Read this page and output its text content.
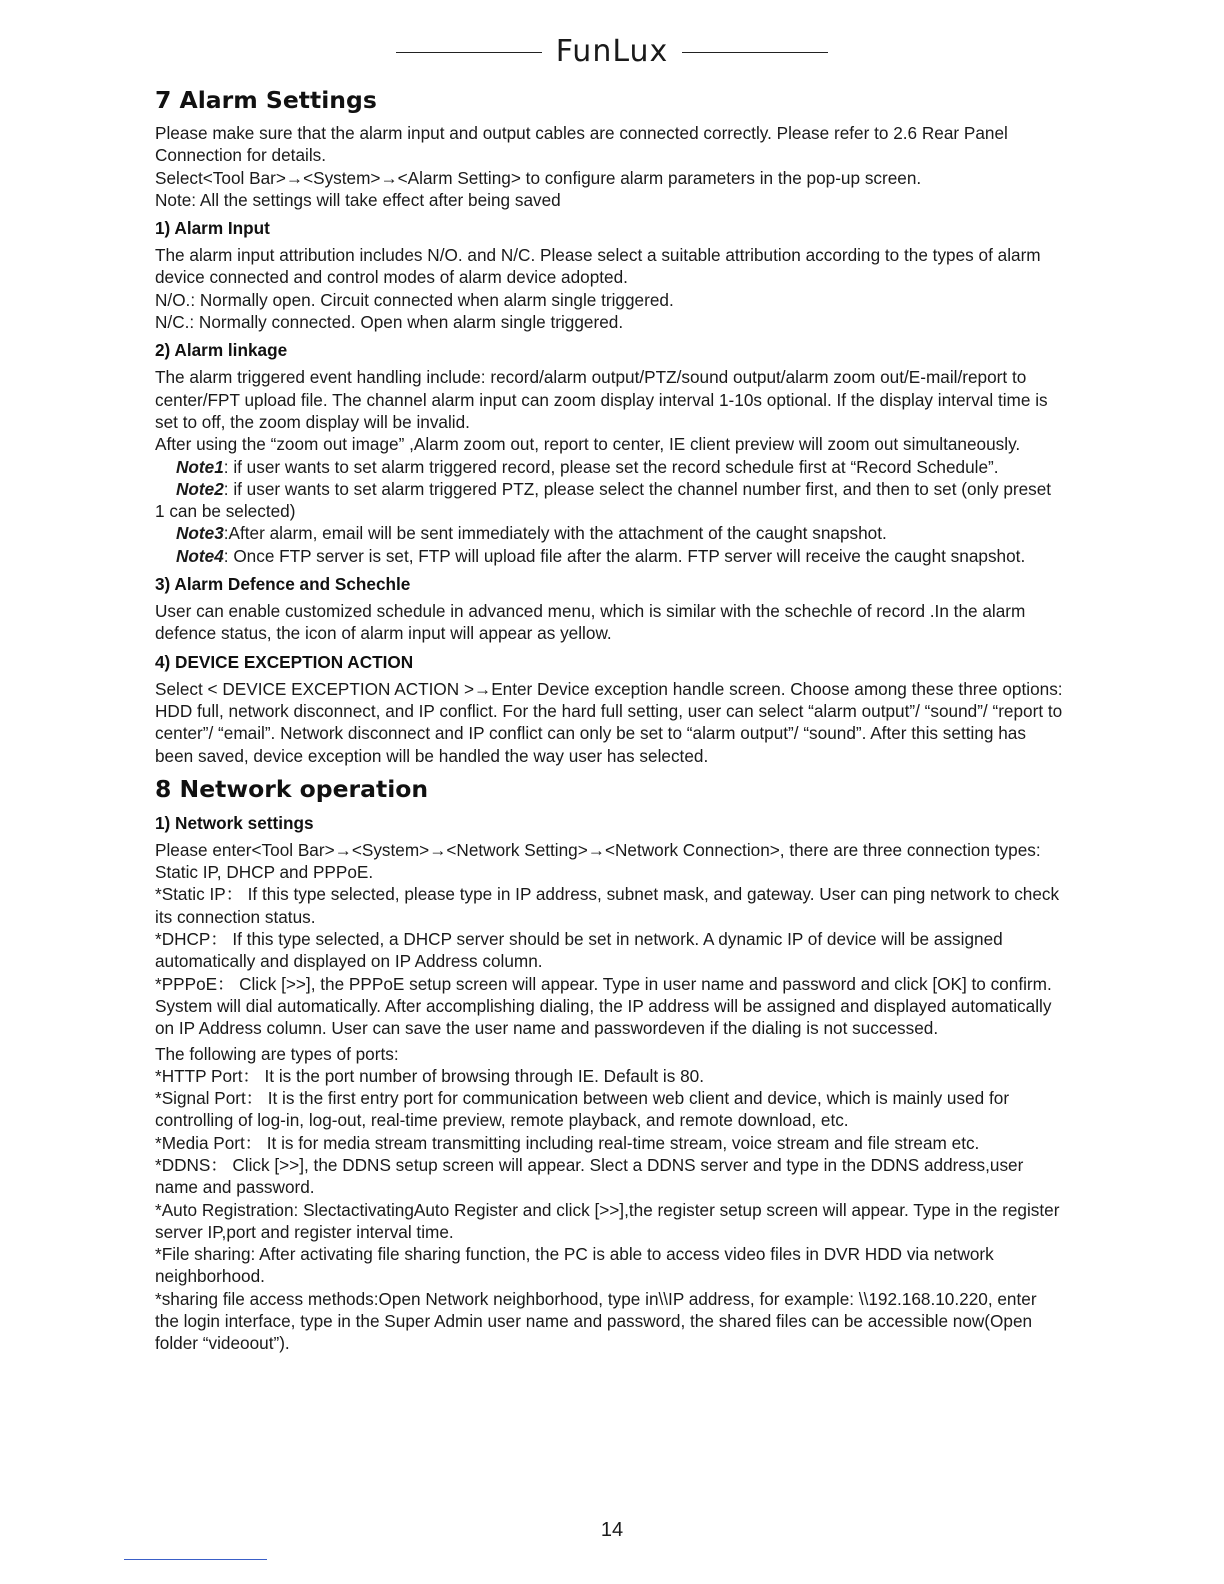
FunLux
7 Alarm Settings

Please make sure that the alarm input and output cables are connected correctly. Please refer to 2.6 Rear Panel Connection for details.

Select<Tool Bar>→<System>→<Alarm Setting> to configure alarm parameters in the pop-up screen.

Note: All the settings will take effect after being saved

1) Alarm Input

The alarm input attribution includes N/O. and N/C. Please select a suitable attribution according to the types of alarm device connected and control modes of alarm device adopted.

N/O.: Normally open. Circuit connected when alarm single triggered.

N/C.: Normally connected. Open when alarm single triggered.

2) Alarm linkage

The alarm triggered event handling include: record/alarm output/PTZ/sound output/alarm zoom out/E-mail/report to center/FPT upload file. The channel alarm input can zoom display interval 1-10s optional. If the display interval time is set to off, the zoom display will be invalid.

After using the “zoom out image” ,Alarm zoom out, report to center, IE client preview will zoom out simultaneously.

Note1: if user wants to set alarm triggered record, please set the record schedule first at “Record Schedule”.

Note2: if user wants to set alarm triggered PTZ, please select the channel number first, and then to set (only preset 1 can be selected)

Note3:After alarm, email will be sent immediately with the attachment of the caught snapshot.

Note4: Once FTP server is set, FTP will upload file after the alarm. FTP server will receive the caught snapshot.

3) Alarm Defence and Schechle

User can enable customized schedule in advanced menu, which is similar with the schechle of record .In the alarm defence status, the icon of alarm input will appear as yellow.

4) DEVICE EXCEPTION ACTION

Select < DEVICE EXCEPTION ACTION >→Enter Device exception handle screen. Choose among these three options: HDD full, network disconnect, and IP conflict. For the hard full setting, user can select “alarm output”/ “sound”/ “report to center”/ “email”. Network disconnect and IP conflict can only be set to “alarm output”/ “sound”. After this setting has been saved, device exception will be handled the way user has selected.

8 Network operation
1) Network settings

Please enter<Tool Bar>→<System>→<Network Setting>→<Network Connection>, there are three connection types: Static IP, DHCP and PPPoE.

*Static IP： If this type selected, please type in IP address, subnet mask, and gateway. User can ping network to check its connection status.

*DHCP： If this type selected, a DHCP server should be set in network. A dynamic IP of device will be assigned automatically and displayed on IP Address column.

*PPPoE： Click [>>], the PPPoE setup screen will appear. Type in user name and password and click [OK] to confirm. System will dial automatically. After accomplishing dialing, the IP address will be assigned and displayed automatically on IP Address column. User can save the user name and passwordeven if the dialing is not successed.

The following are types of ports:

*HTTP Port： It is the port number of browsing through IE. Default is 80.

*Signal Port： It is the first entry port for communication between web client and device, which is mainly used for controlling of log-in, log-out, real-time preview, remote playback, and remote download, etc.

*Media Port： It is for media stream transmitting including real-time stream, voice stream and file stream etc.

*DDNS： Click [>>], the DDNS setup screen will appear. Slect a DDNS server and type in the DDNS address,user name and password.

*Auto Registration: SlectactivatingAuto Register and click [>>],the register setup screen will appear. Type in the register server IP,port and register interval time.

*File sharing: After activating file sharing function, the PC is able to access video files in DVR HDD via network neighborhood.

*sharing file access methods:Open Network neighborhood, type in\\IP address, for example: \\192.168.10.220, enter the login interface, type in the Super Admin user name and password, the shared files can be accessible now(Open folder “videoout”).

14
